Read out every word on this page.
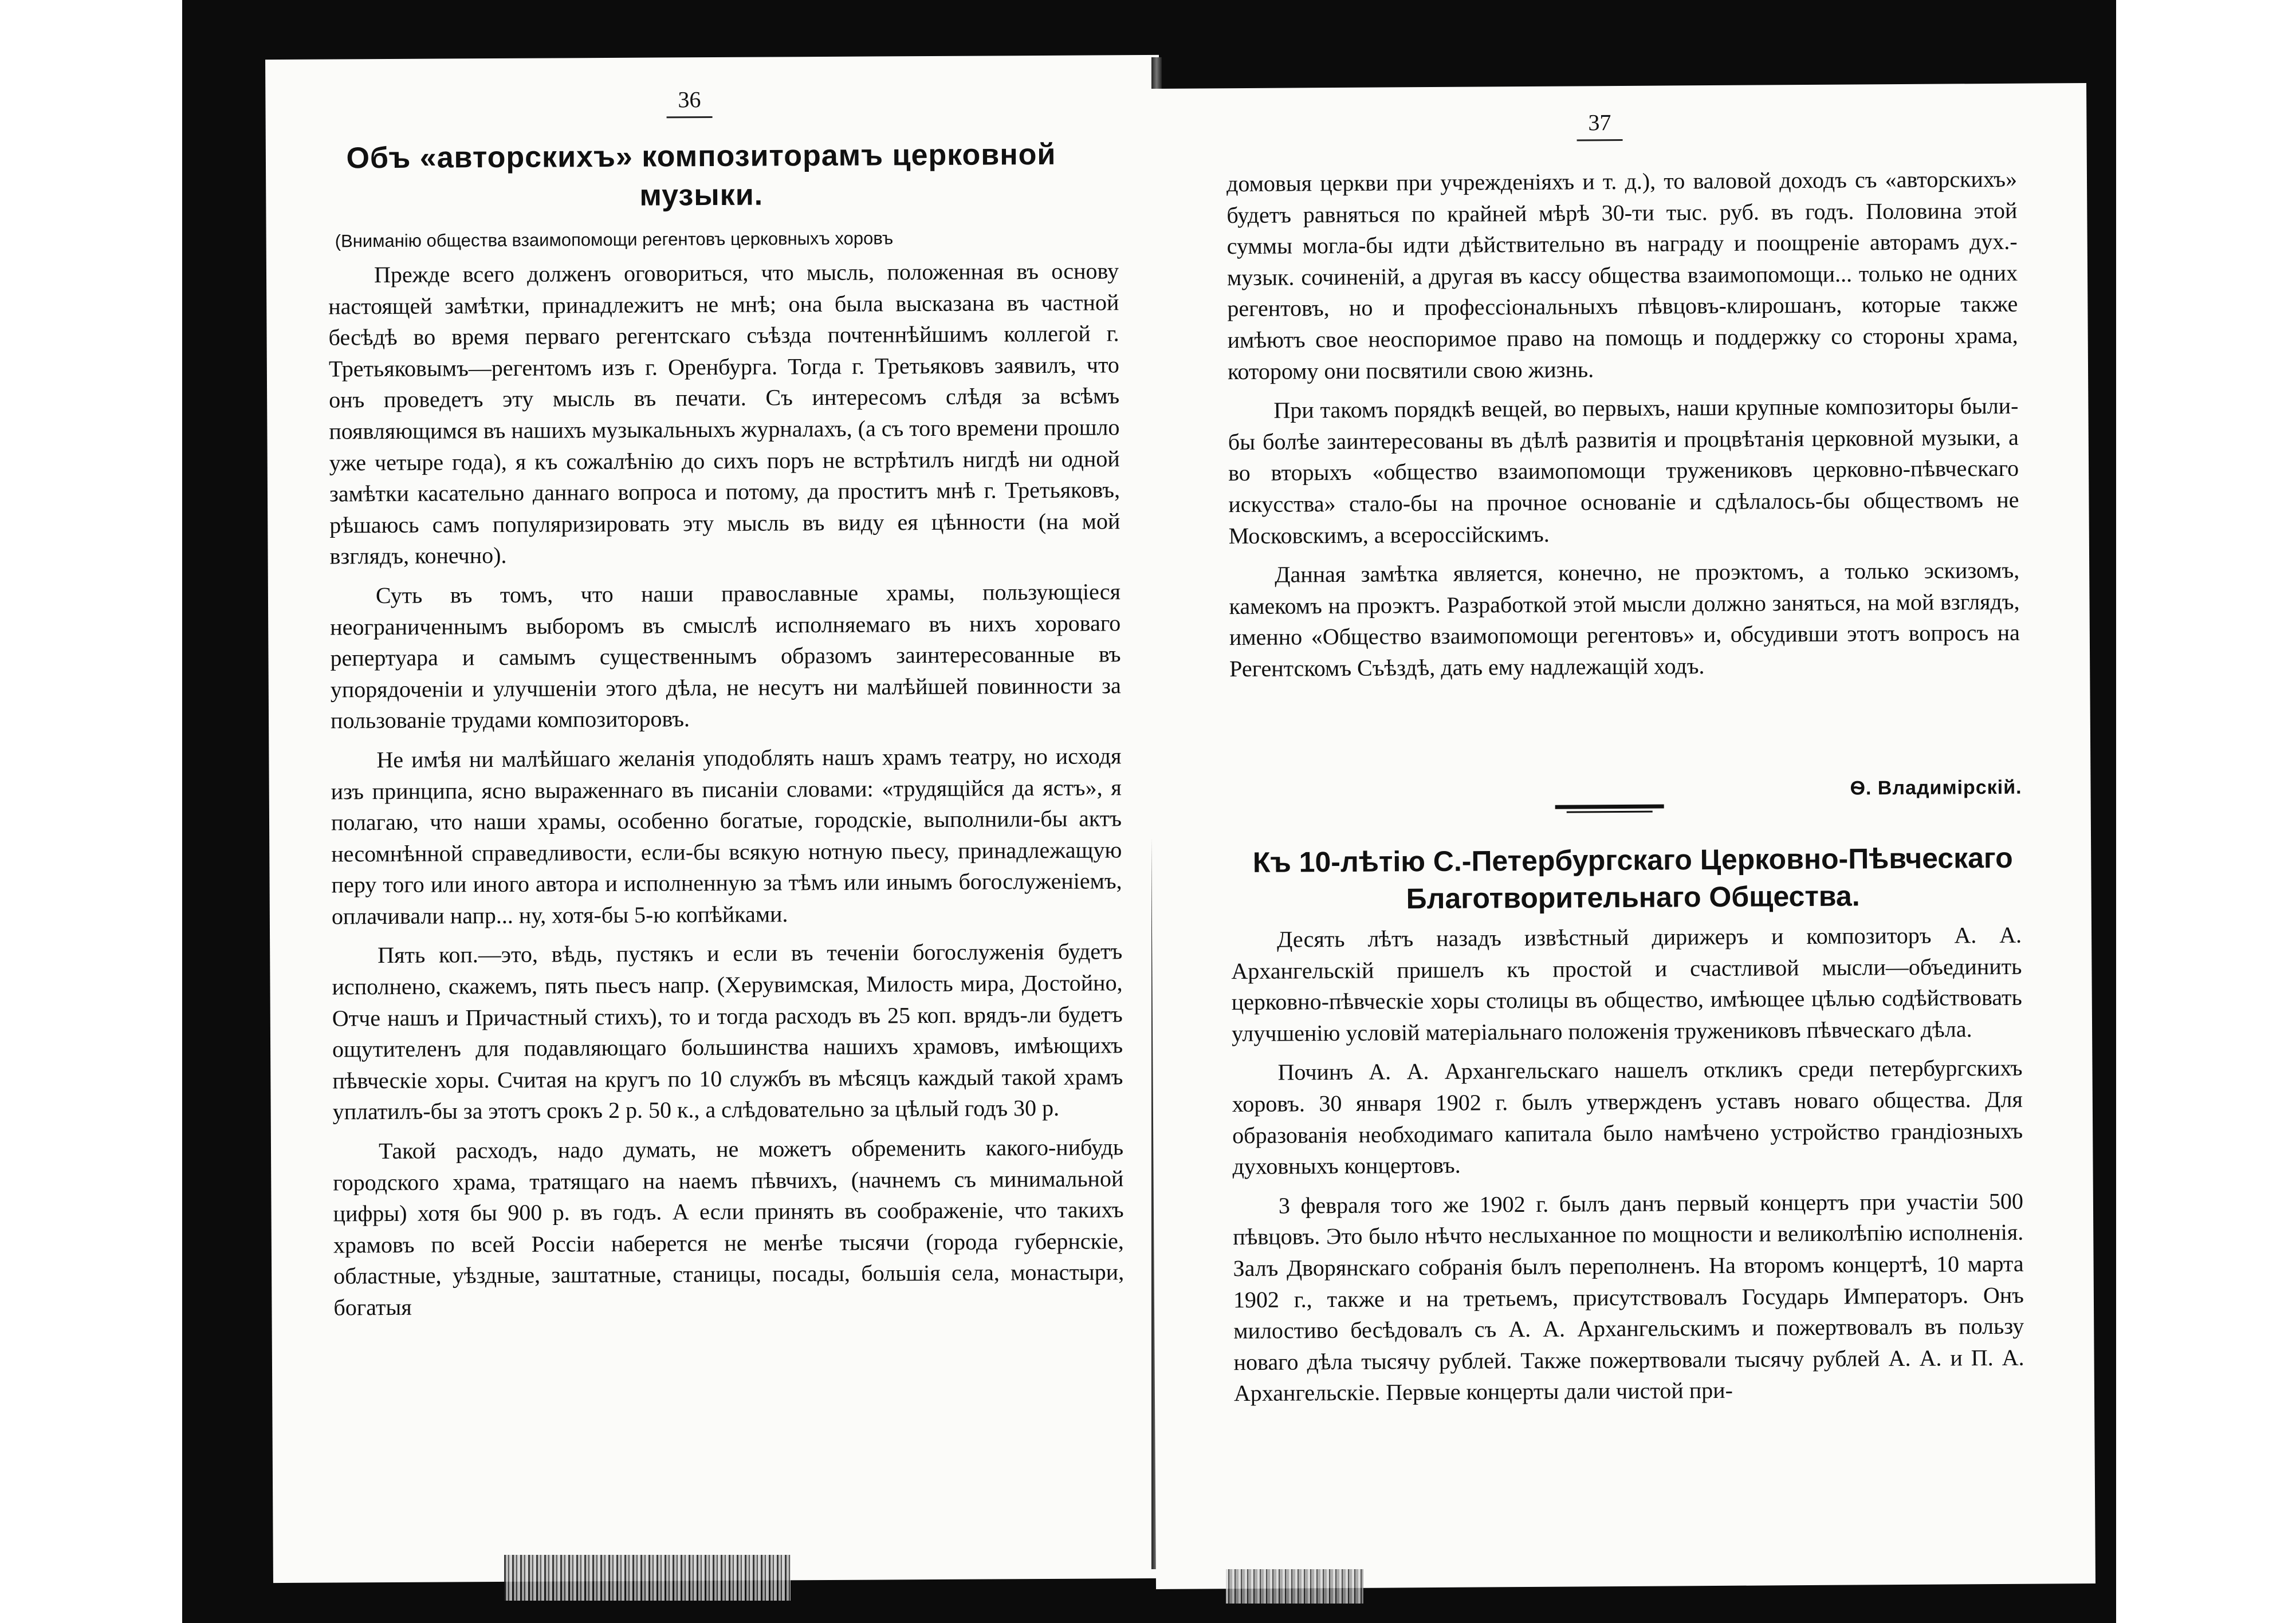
36
Объ «авторскихъ» композиторамъ церковной музыки.
(Вниманію общества взаимопомощи регентовъ церковныхъ хоровъ

Прежде всего долженъ оговориться, что мысль, положенная въ основу настоящей замѣтки, принадлежитъ не мнѣ; она была высказана въ частной бесѣдѣ во время перваго регентскаго съѣзда почтеннѣйшимъ коллегой г. Третьяковымъ—регентомъ изъ г. Оренбурга. Тогда г. Третьяковъ заявилъ, что онъ проведетъ эту мысль въ печати. Съ интересомъ слѣдя за всѣмъ появляющимся въ нашихъ музыкальныхъ журналахъ, (а съ того времени прошло уже четыре года), я къ сожалѣнію до сихъ поръ не встрѣтилъ нигдѣ ни одной замѣтки касательно даннаго вопроса и потому, да проститъ мнѣ г. Третьяковъ, рѣшаюсь самъ популяризировать эту мысль въ виду ея цѣнности (на мой взглядъ, конечно).

Суть въ томъ, что наши православные храмы, пользующіеся неограниченнымъ выборомъ въ смыслѣ исполняемаго въ нихъ хороваго репертуара и самымъ существеннымъ образомъ заинтересованные въ упорядоченіи и улучшеніи этого дѣла, не несутъ ни малѣйшей повинности за пользованіе трудами композиторовъ.

Не имѣя ни малѣйшаго желанія уподоблять нашъ храмъ театру, но исходя изъ принципа, ясно выраженнаго въ писаніи словами: «трудящійся да ястъ», я полагаю, что наши храмы, особенно богатые, городскіе, выполнили-бы актъ несомнѣнной справедливости, если-бы всякую нотную пьесу, принадлежащую перу того или иного автора и исполненную за тѣмъ или инымъ богослуженіемъ, оплачивали напр... ну, хотя-бы 5-ю копѣйками.

Пять коп.—это, вѣдь, пустякъ и если въ теченіи богослуженія будетъ исполнено, скажемъ, пять пьесъ напр. (Херувимская, Милость мира, Достойно, Отче нашъ и Причастный стихъ), то и тогда расходъ въ 25 коп. врядъ-ли будетъ ощутителенъ для подавляющаго большинства нашихъ храмовъ, имѣющихъ пѣвческіе хоры. Считая на кругъ по 10 службъ въ мѣсяцъ каждый такой храмъ уплатилъ-бы за этотъ срокъ 2 р. 50 к., а слѣдовательно за цѣлый годъ 30 р.

Такой расходъ, надо думать, не можетъ обременить какого-нибудь городского храма, тратящаго на наемъ пѣвчихъ, (начнемъ съ минимальной цифры) хотя бы 900 р. въ годъ. А если принять въ соображеніе, что такихъ храмовъ по всей Россіи наберется не менѣе тысячи (города губернскіе, областные, уѣздные, заштатные, станицы, посады, большія села, монастыри, богатыя

37

домовыя церкви при учрежденіяхъ и т. д.), то валовой доходъ съ «авторскихъ» будетъ равняться по крайней мѣрѣ 30-ти тыс. руб. въ годъ. Половина этой суммы могла-бы идти дѣйствительно въ награду и поощреніе авторамъ дух.-музык. сочиненій, а другая въ кассу общества взаимопомощи... только не одних регентовъ, но и профессіональныхъ пѣвцовъ-клирошанъ, которые также имѣютъ свое неоспоримое право на помощь и поддержку со стороны храма, которому они посвятили свою жизнь.

При такомъ порядкѣ вещей, во первыхъ, наши крупные композиторы были-бы болѣе заинтересованы въ дѣлѣ развитія и процвѣтанія церковной музыки, а во вторыхъ «общество взаимопомощи тружениковъ церковно-пѣвческаго искусства» стало-бы на прочное основаніе и сдѣлалось-бы обществомъ не Московскимъ, а всероссійскимъ.

Данная замѣтка является, конечно, не проэктомъ, а только эскизомъ, камекомъ на проэктъ. Разработкой этой мысли должно заняться, на мой взглядъ, именно «Общество взаимопомощи регентовъ» и, обсудивши этотъ вопросъ на Регентскомъ Съѣздѣ, дать ему надлежащій ходъ.

Ѳ. Владимірскій.
Къ 10-лѣтію С.-Петербургскаго Церковно-Пѣвческаго Благотворительнаго Общества.

Десять лѣтъ назадъ извѣстный дирижеръ и композиторъ А. А. Архангельскій пришелъ къ простой и счастливой мысли—объединить церковно-пѣвческіе хоры столицы въ общество, имѣющее цѣлью содѣйствовать улучшенію условій матеріальнаго положенія тружениковъ пѣвческаго дѣла.

Починъ А. А. Архангельскаго нашелъ откликъ среди петербургскихъ хоровъ. 30 января 1902 г. былъ утвержденъ уставъ новаго общества. Для образованія необходимаго капитала было намѣчено устройство грандіозныхъ духовныхъ концертовъ.

3 февраля того же 1902 г. былъ данъ первый концертъ при участіи 500 пѣвцовъ. Это было нѣчто неслыханное по мощности и великолѣпію исполненія. Залъ Дворянскаго собранія былъ переполненъ. На второмъ концертѣ, 10 марта 1902 г., также и на третьемъ, присутствовалъ Государь Императоръ. Онъ милостиво бесѣдовалъ съ А. А. Архангельскимъ и пожертвовалъ въ пользу новаго дѣла тысячу рублей. Также пожертвовали тысячу рублей А. А. и П. А. Архангельскіе. Первые концерты дали чистой при-
